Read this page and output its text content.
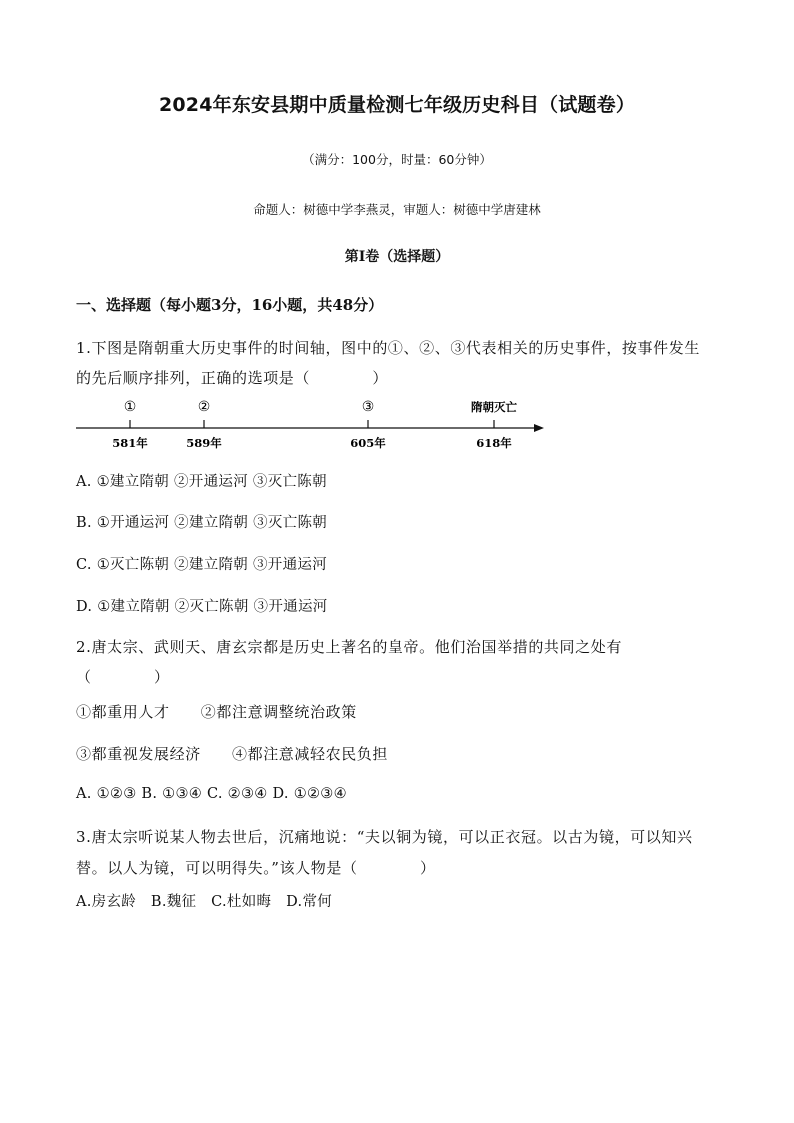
2024年东安县期中质量检测七年级历史科目（试题卷）
（满分：100分，时量：60分钟）
命题人：树德中学李燕灵，审题人：树德中学唐建林
第Ⅰ卷（选择题）
一、选择题（每小题3分，16小题，共48分）
1.下图是隋朝重大历史事件的时间轴，图中的①、②、③代表相关的历史事件，按事件发生
的先后顺序排列，正确的选项是（　　　　）
①	②	③	隋朝灭亡
581年	589年	605年	618年
A. ①建立隋朝 ②开通运河 ③灭亡陈朝
B. ①开通运河 ②建立隋朝 ③灭亡陈朝
C. ①灭亡陈朝 ②建立隋朝 ③开通运河
D. ①建立隋朝 ②灭亡陈朝 ③开通运河
2.唐太宗、武则天、唐玄宗都是历史上著名的皇帝。他们治国举措的共同之处有
（　　　　）
①都重用人才　　②都注意调整统治政策
③都重视发展经济　　④都注意减轻农民负担
A. ①②③ B. ①③④ C. ②③④ D. ①②③④
3.唐太宗听说某人物去世后，沉痛地说：“夫以铜为镜，可以正衣冠。以古为镜，可以知兴
替。以人为镜，可以明得失。”该人物是（　　　　）
A.房玄龄　B.魏征　C.杜如晦　D.常何
